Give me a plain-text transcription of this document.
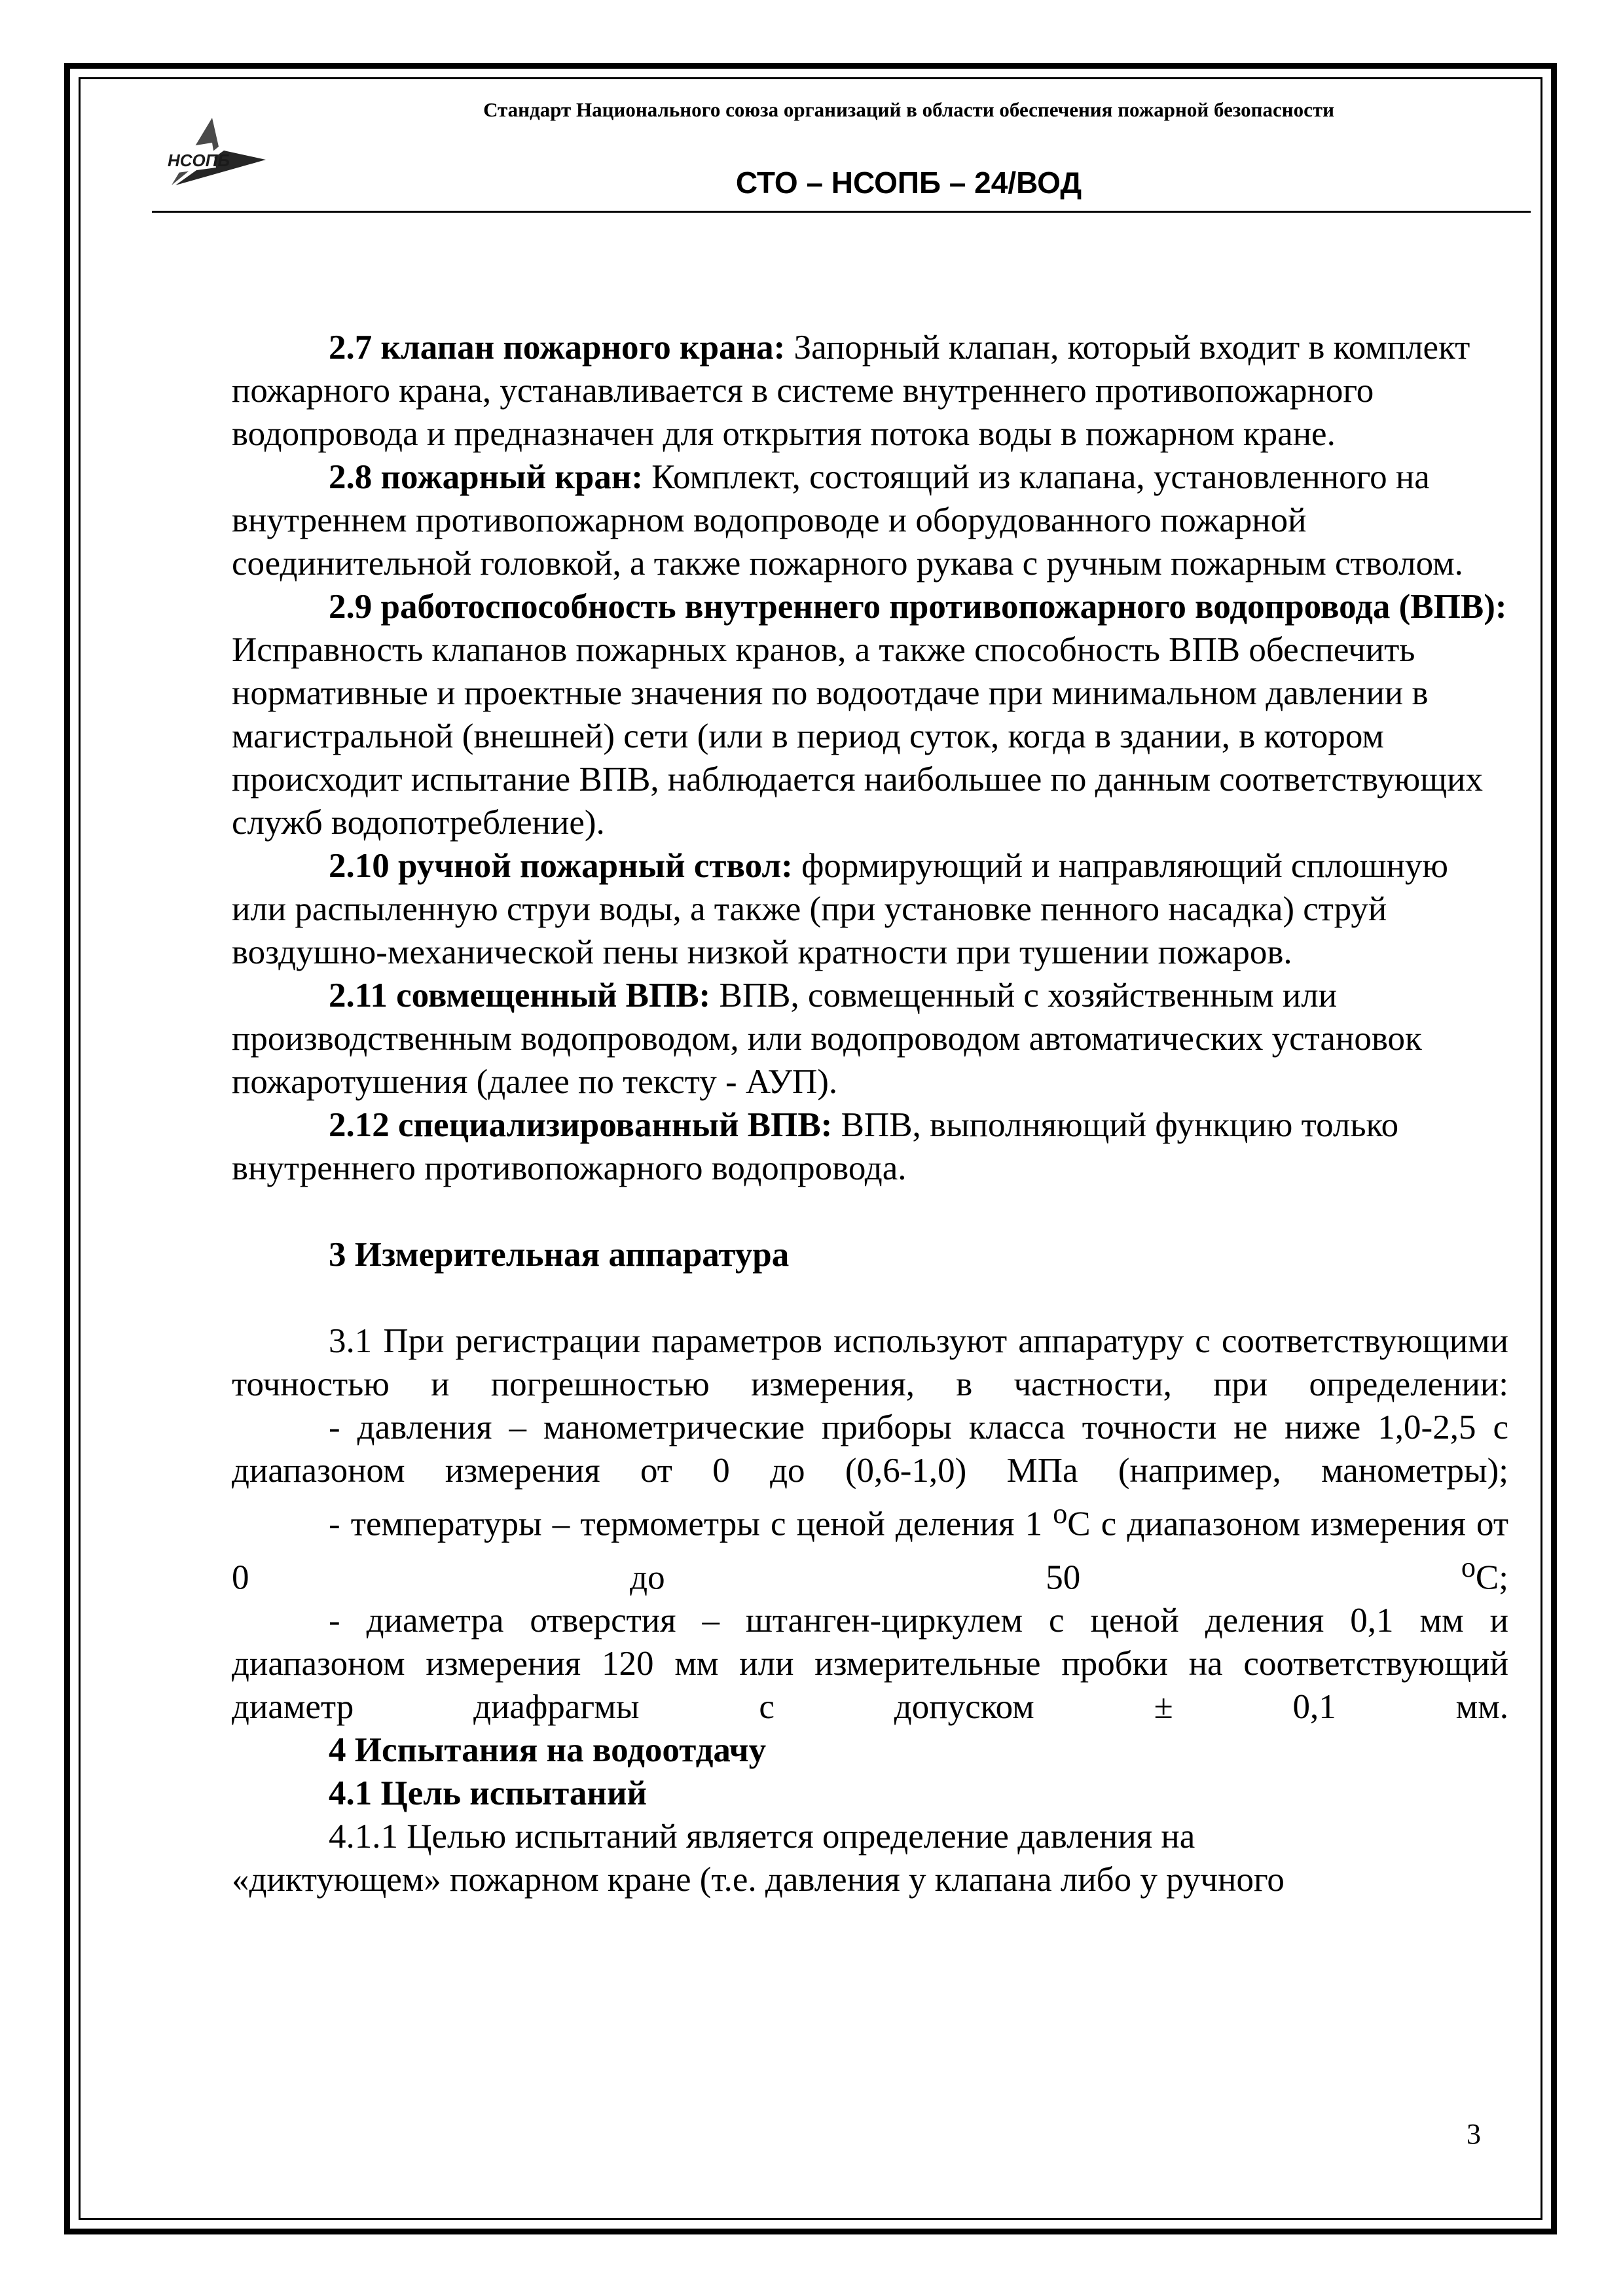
НСОПБ
Стандарт Национального союза организаций в области обеспечения пожарной безопасности
СТО – НСОПБ – 24/ВОД

2.7 клапан пожарного крана: Запорный клапан, который входит в комплект пожарного крана, устанавливается в системе внутреннего противопожарного водопровода и предназначен для открытия потока воды в пожарном кране.

2.8 пожарный кран: Комплект, состоящий из клапана, установленного на внутреннем противопожарном водопроводе и оборудованного пожарной соединительной головкой, а также пожарного рукава с ручным пожарным стволом.

2.9 работоспособность внутреннего противопожарного водопровода (ВПВ): Исправность клапанов пожарных кранов, а также способность ВПВ обеспечить нормативные и проектные значения по водоотдаче при минимальном давлении в магистральной (внешней) сети (или в период суток, когда в здании, в котором происходит испытание ВПВ, наблюдается наибольшее по данным соответствующих служб водопотребление).

2.10 ручной пожарный ствол: формирующий и направляющий сплошную или распыленную струи воды, а также (при установке пенного насадка) струй воздушно-механической пены низкой кратности при тушении пожаров.

2.11 совмещенный ВПВ: ВПВ, совмещенный с хозяйственным или производственным водопроводом, или водопроводом автоматических установок пожаротушения (далее по тексту - АУП).

2.12 специализированный ВПВ: ВПВ, выполняющий функцию только внутреннего противопожарного водопровода.

3 Измерительная аппаратура

3.1 При регистрации параметров используют аппаратуру с соответствующими точностью и погрешностью измерения, в частности, при определении:

- давления – манометрические приборы класса точности не ниже 1,0-2,5 с диапазоном измерения от 0 до (0,6-1,0) МПа (например, манометры);

- температуры – термометры с ценой деления 1 $^о$С с диапазоном измерения от 0 до 50 $^о$С;

- диаметра отверстия – штанген-циркулем с ценой деления 0,1 мм и диапазоном измерения 120 мм или измерительные пробки на соответствующий диаметр диафрагмы с допуском ± 0,1 мм.

4 Испытания на водоотдачу

4.1 Цель испытаний

4.1.1 Целью испытаний является определение давления на

«диктующем» пожарном кране (т.е. давления у клапана либо у ручного

3
